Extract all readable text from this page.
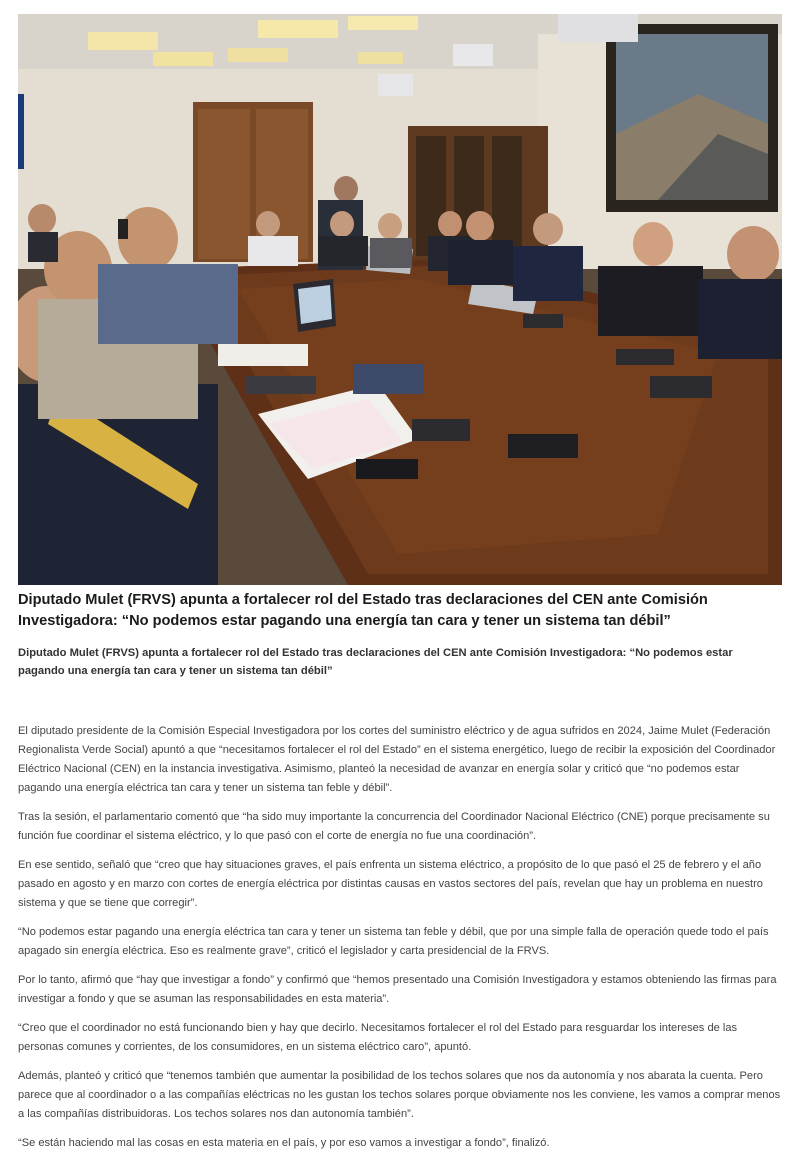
Diputado Mulet (FRVS) apunta a fortalecer rol del Estado tras declaraciones del CEN ante Comisión Investigadora: “No podemos estar pagando una energía tan cara y tener un sistema tan débil”
Diputado Mulet (FRVS) apunta a fortalecer rol del Estado tras declaraciones del CEN ante Comisión Investigadora: “No podemos estar pagando una energía tan cara y tener un sistema tan débil”

El diputado presidente de la Comisión Especial Investigadora por los cortes del suministro eléctrico y de agua sufridos en 2024, Jaime Mulet (Federación Regionalista Verde Social) apuntó a que “necesitamos fortalecer el rol del Estado” en el sistema energético, luego de recibir la exposición del Coordinador Eléctrico Nacional (CEN) en la instancia investigativa. Asimismo, planteó la necesidad de avanzar en energía solar y criticó que “no podemos estar pagando una energía eléctrica tan cara y tener un sistema tan feble y débil”.

Tras la sesión, el parlamentario comentó que “ha sido muy importante la concurrencia del Coordinador Nacional Eléctrico (CNE) porque precisamente su función fue coordinar el sistema eléctrico, y lo que pasó con el corte de energía no fue una coordinación”.

En ese sentido, señaló que “creo que hay situaciones graves, el país enfrenta un sistema eléctrico, a propósito de lo que pasó el 25 de febrero y el año pasado en agosto y en marzo con cortes de energía eléctrica por distintas causas en vastos sectores del país, revelan que hay un problema en nuestro sistema y que se tiene que corregir”.

“No podemos estar pagando una energía eléctrica tan cara y tener un sistema tan feble y débil, que por una simple falla de operación quede todo el país apagado sin energía eléctrica. Eso es realmente grave”, criticó el legislador y carta presidencial de la FRVS.

Por lo tanto, afirmó que “hay que investigar a fondo” y confirmó que “hemos presentado una Comisión Investigadora y estamos obteniendo las firmas para investigar a fondo y que se asuman las responsabilidades en esta materia”.

“Creo que el coordinador no está funcionando bien y hay que decirlo. Necesitamos fortalecer el rol del Estado para resguardar los intereses de las personas comunes y corrientes, de los consumidores, en un sistema eléctrico caro”, apuntó.

Además, planteó y criticó que “tenemos también que aumentar la posibilidad de los techos solares que nos da autonomía y nos abarata la cuenta. Pero parece que al coordinador o a las compañías eléctricas no les gustan los techos solares porque obviamente nos les conviene, les vamos a comprar menos a las compañías distribuidoras. Los techos solares nos dan autonomía también”.

“Se están haciendo mal las cosas en esta materia en el país, y por eso vamos a investigar a fondo”, finalizó.
